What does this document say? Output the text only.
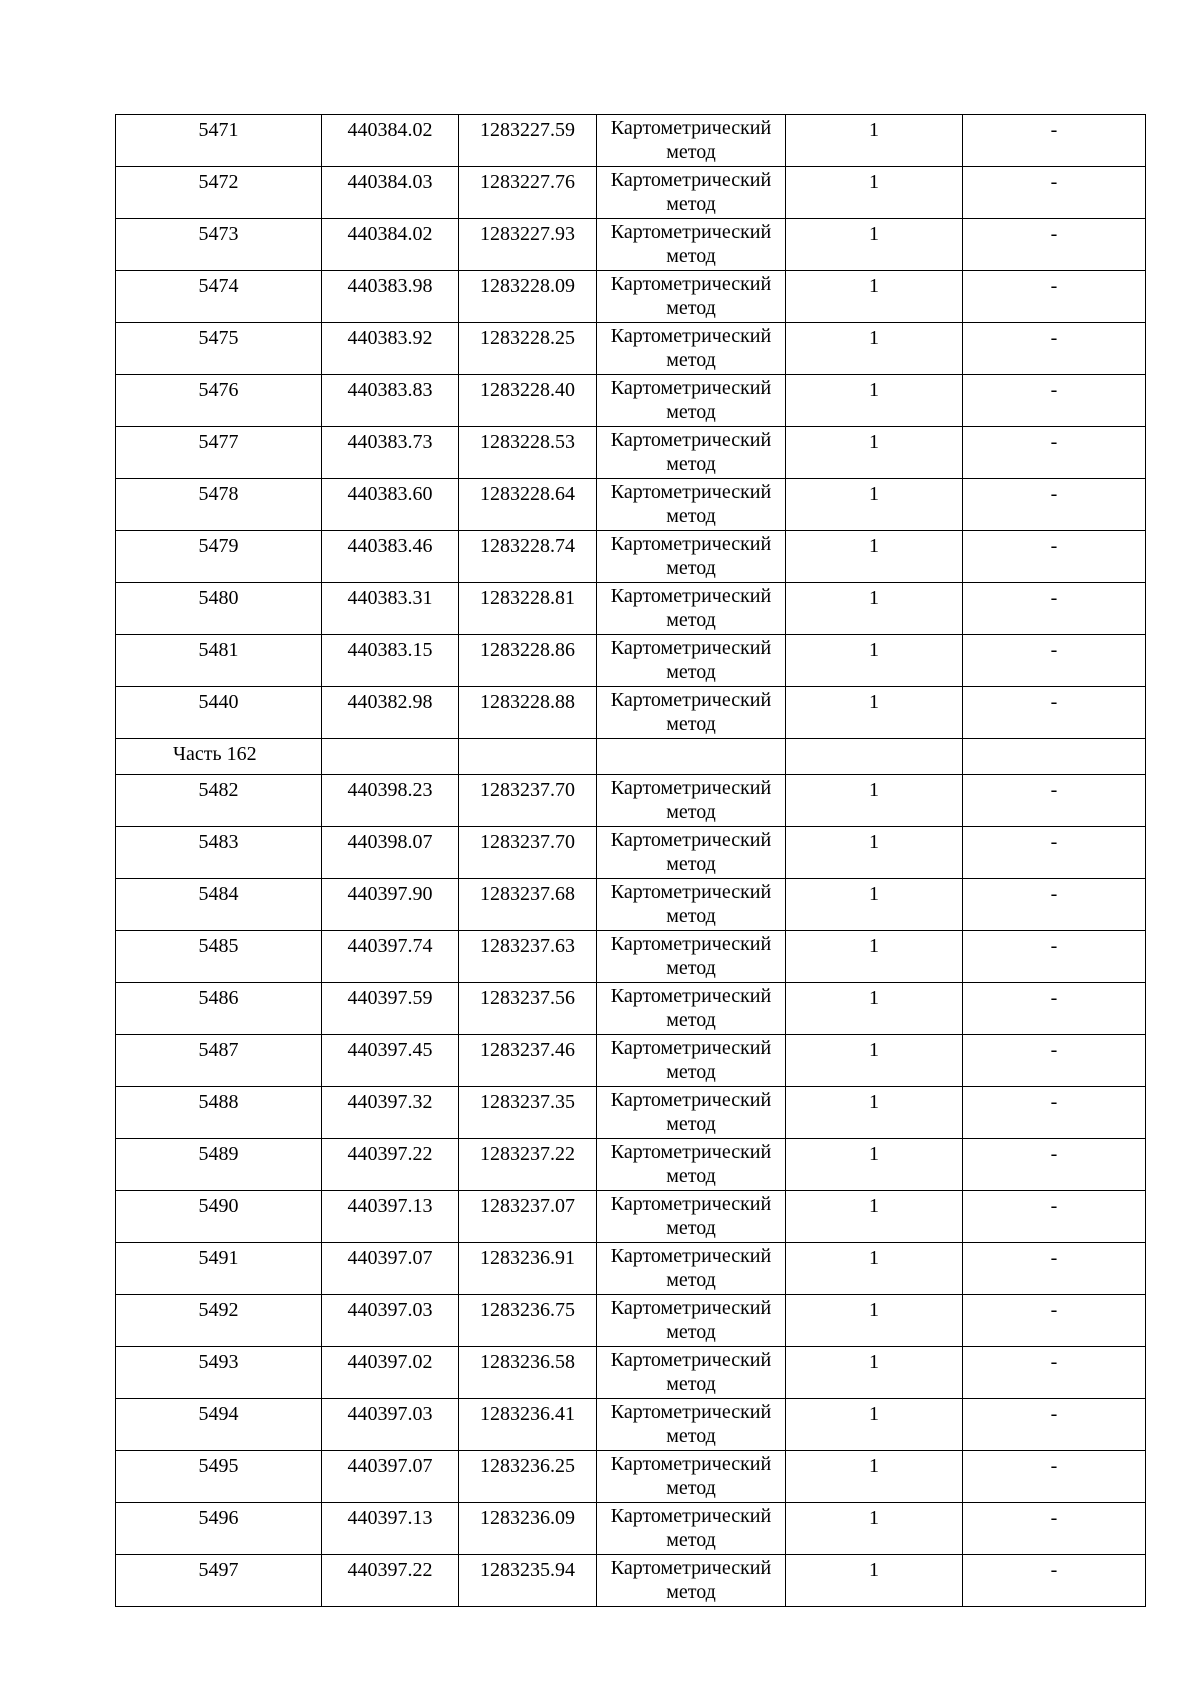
5471	440384.02	1283227.59	Картометрический метод	1	-
5472	440384.03	1283227.76	Картометрический метод	1	-
5473	440384.02	1283227.93	Картометрический метод	1	-
5474	440383.98	1283228.09	Картометрический метод	1	-
5475	440383.92	1283228.25	Картометрический метод	1	-
5476	440383.83	1283228.40	Картометрический метод	1	-
5477	440383.73	1283228.53	Картометрический метод	1	-
5478	440383.60	1283228.64	Картометрический метод	1	-
5479	440383.46	1283228.74	Картометрический метод	1	-
5480	440383.31	1283228.81	Картометрический метод	1	-
5481	440383.15	1283228.86	Картометрический метод	1	-
5440	440382.98	1283228.88	Картометрический метод	1	-
Часть 162					
5482	440398.23	1283237.70	Картометрический метод	1	-
5483	440398.07	1283237.70	Картометрический метод	1	-
5484	440397.90	1283237.68	Картометрический метод	1	-
5485	440397.74	1283237.63	Картометрический метод	1	-
5486	440397.59	1283237.56	Картометрический метод	1	-
5487	440397.45	1283237.46	Картометрический метод	1	-
5488	440397.32	1283237.35	Картометрический метод	1	-
5489	440397.22	1283237.22	Картометрический метод	1	-
5490	440397.13	1283237.07	Картометрический метод	1	-
5491	440397.07	1283236.91	Картометрический метод	1	-
5492	440397.03	1283236.75	Картометрический метод	1	-
5493	440397.02	1283236.58	Картометрический метод	1	-
5494	440397.03	1283236.41	Картометрический метод	1	-
5495	440397.07	1283236.25	Картометрический метод	1	-
5496	440397.13	1283236.09	Картометрический метод	1	-
5497	440397.22	1283235.94	Картометрический метод	1	-
